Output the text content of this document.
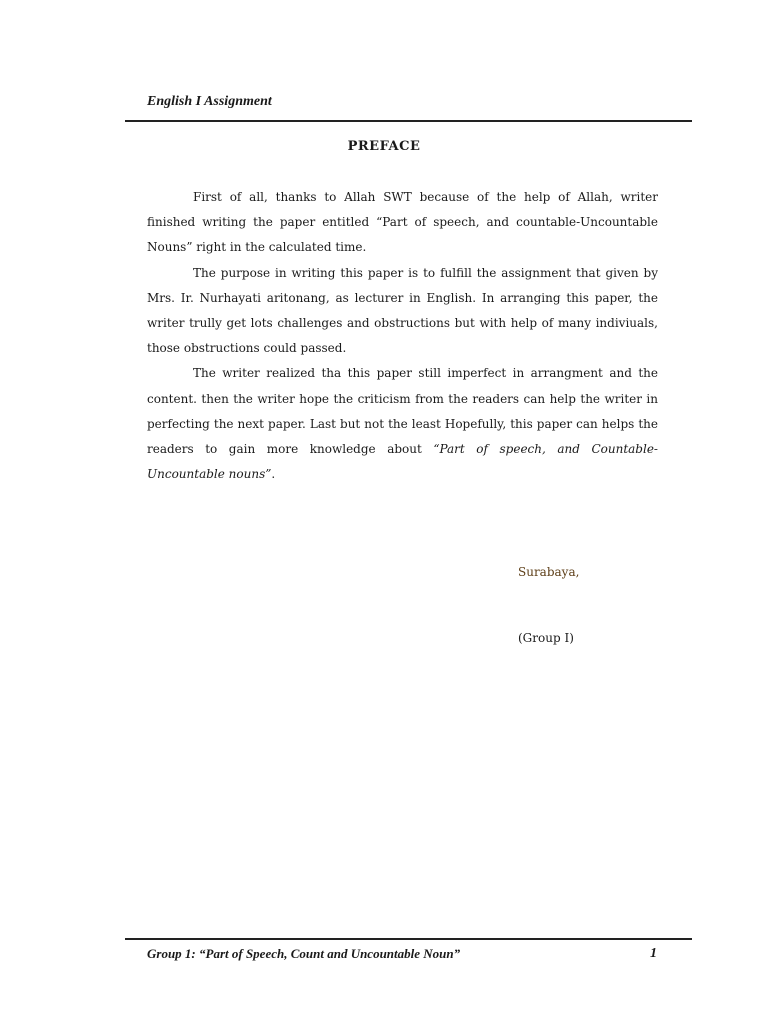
English I Assignment
PREFACE

First of all, thanks to Allah SWT because of the help of Allah, writer finished writing the paper entitled “Part of speech, and countable-Uncountable Nouns” right in the calculated time.

The purpose in writing this paper is to fulfill the assignment that given by Mrs. Ir. Nurhayati aritonang, as lecturer in English. In arranging this paper, the writer trully get lots challenges and obstructions but with help of many indiviuals, those obstructions could passed.

The writer realized tha this paper still imperfect in arrangment and the content. then the writer hope the criticism from the readers can help the writer in perfecting the next paper. Last but not the least Hopefully, this paper can helps the readers to gain more knowledge about “Part of speech, and Countable-Uncountable nouns”.

Surabaya,
(Group I)
Group 1: “Part of Speech, Count and Uncountable Noun”	1
